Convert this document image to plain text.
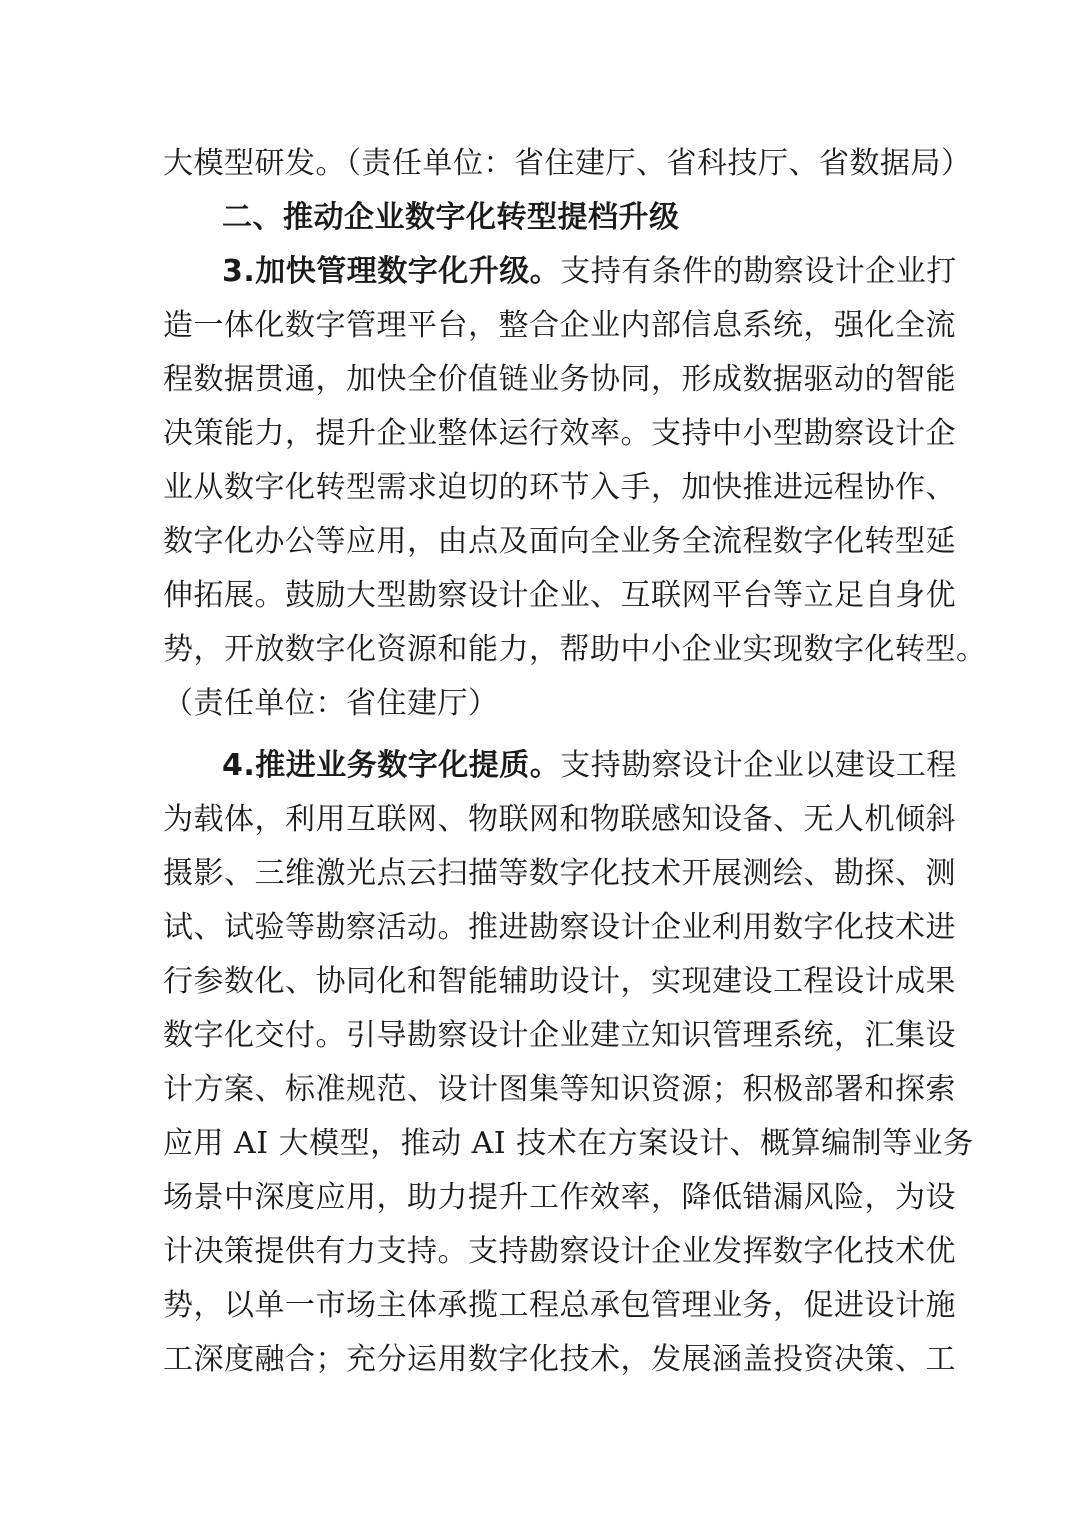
大模型研发。（责任单位：省住建厅、省科技厅、省数据局）
二、推动企业数字化转型提档升级
3.加快管理数字化升级。支持有条件的勘察设计企业打
造一体化数字管理平台，整合企业内部信息系统，强化全流
程数据贯通，加快全价值链业务协同，形成数据驱动的智能
决策能力，提升企业整体运行效率。支持中小型勘察设计企
业从数字化转型需求迫切的环节入手，加快推进远程协作、
数字化办公等应用，由点及面向全业务全流程数字化转型延
伸拓展。鼓励大型勘察设计企业、互联网平台等立足自身优
势，开放数字化资源和能力，帮助中小企业实现数字化转型。
（责任单位：省住建厅）
4.推进业务数字化提质。支持勘察设计企业以建设工程
为载体，利用互联网、物联网和物联感知设备、无人机倾斜
摄影、三维激光点云扫描等数字化技术开展测绘、勘探、测
试、试验等勘察活动。推进勘察设计企业利用数字化技术进
行参数化、协同化和智能辅助设计，实现建设工程设计成果
数字化交付。引导勘察设计企业建立知识管理系统，汇集设
计方案、标准规范、设计图集等知识资源；积极部署和探索
应用 AI 大模型，推动 AI 技术在方案设计、概算编制等业务
场景中深度应用，助力提升工作效率，降低错漏风险，为设
计决策提供有力支持。支持勘察设计企业发挥数字化技术优
势，以单一市场主体承揽工程总承包管理业务，促进设计施
工深度融合；充分运用数字化技术，发展涵盖投资决策、工
